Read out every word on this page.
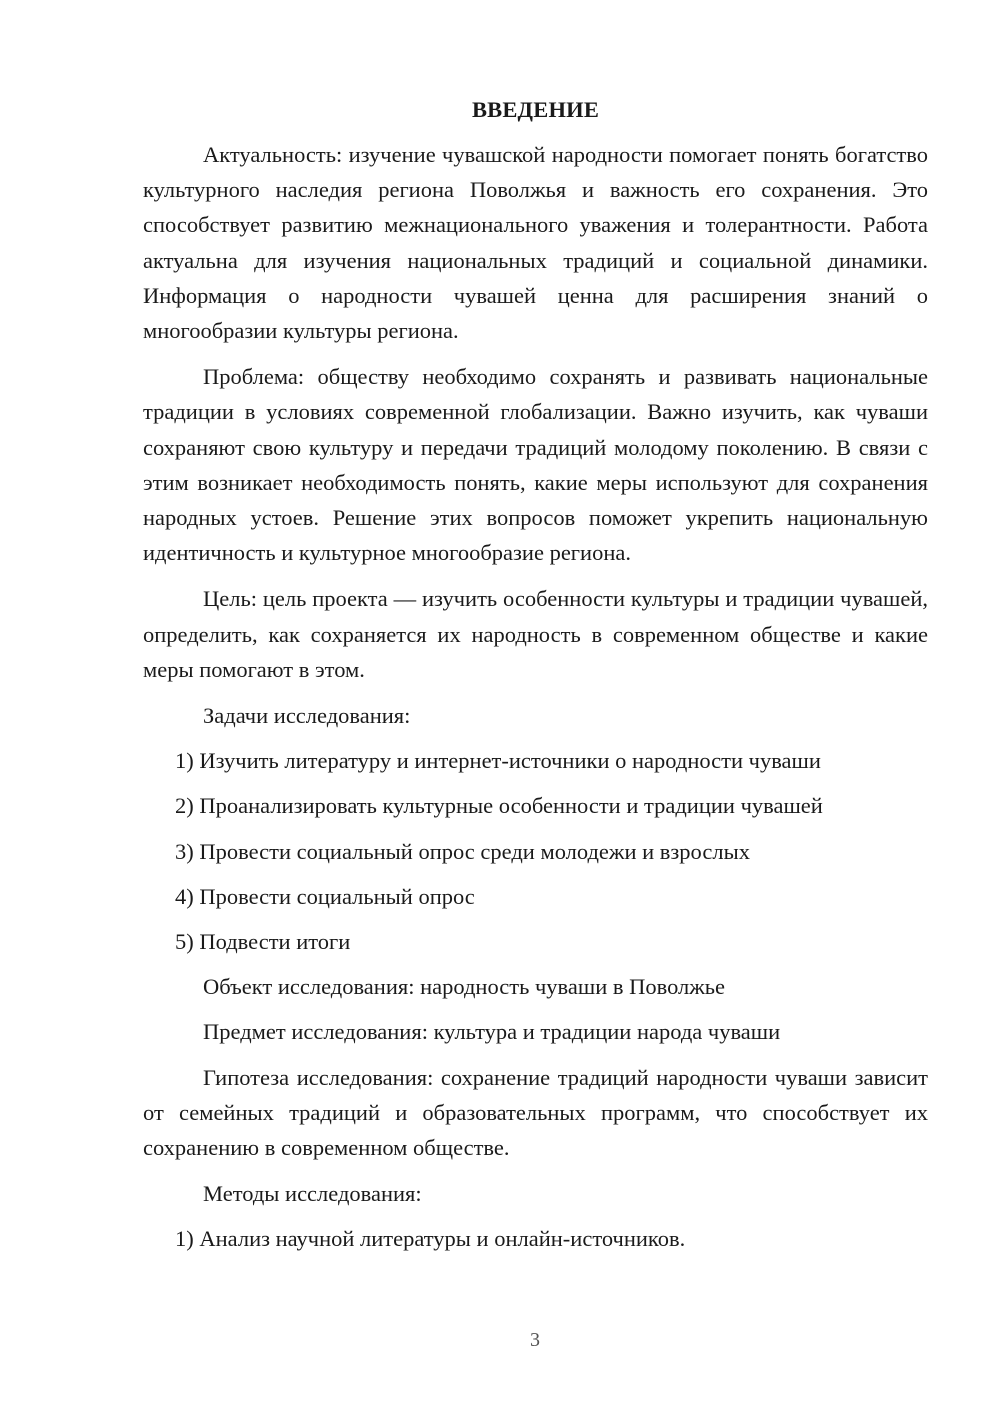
ВВЕДЕНИЕ

Актуальность: изучение чувашской народности помогает понять богатство культурного наследия региона Поволжья и важность его сохранения. Это способствует развитию межнационального уважения и толерантности. Работа актуальна для изучения национальных традиций и социальной динамики. Информация о народности чувашей ценна для расширения знаний о многообразии культуры региона.

Проблема: обществу необходимо сохранять и развивать национальные традиции в условиях современной глобализации. Важно изучить, как чуваши сохраняют свою культуру и передачи традиций молодому поколению. В связи с этим возникает необходимость понять, какие меры используют для сохранения народных устоев. Решение этих вопросов поможет укрепить национальную идентичность и культурное многообразие региона.

Цель: цель проекта — изучить особенности культуры и традиции чувашей, определить, как сохраняется их народность в современном обществе и какие меры помогают в этом.

Задачи исследования:

1) Изучить литературу и интернет-источники о народности чуваши
2) Проанализировать культурные особенности и традиции чувашей
3) Провести социальный опрос среди молодежи и взрослых
4) Провести социальный опрос
5) Подвести итоги

Объект исследования: народность чуваши в Поволжье

Предмет исследования: культура и традиции народа чуваши

Гипотеза исследования: сохранение традиций народности чуваши зависит от семейных традиций и образовательных программ, что способствует их сохранению в современном обществе.

Методы исследования:

1) Анализ научной литературы и онлайн-источников.
3
